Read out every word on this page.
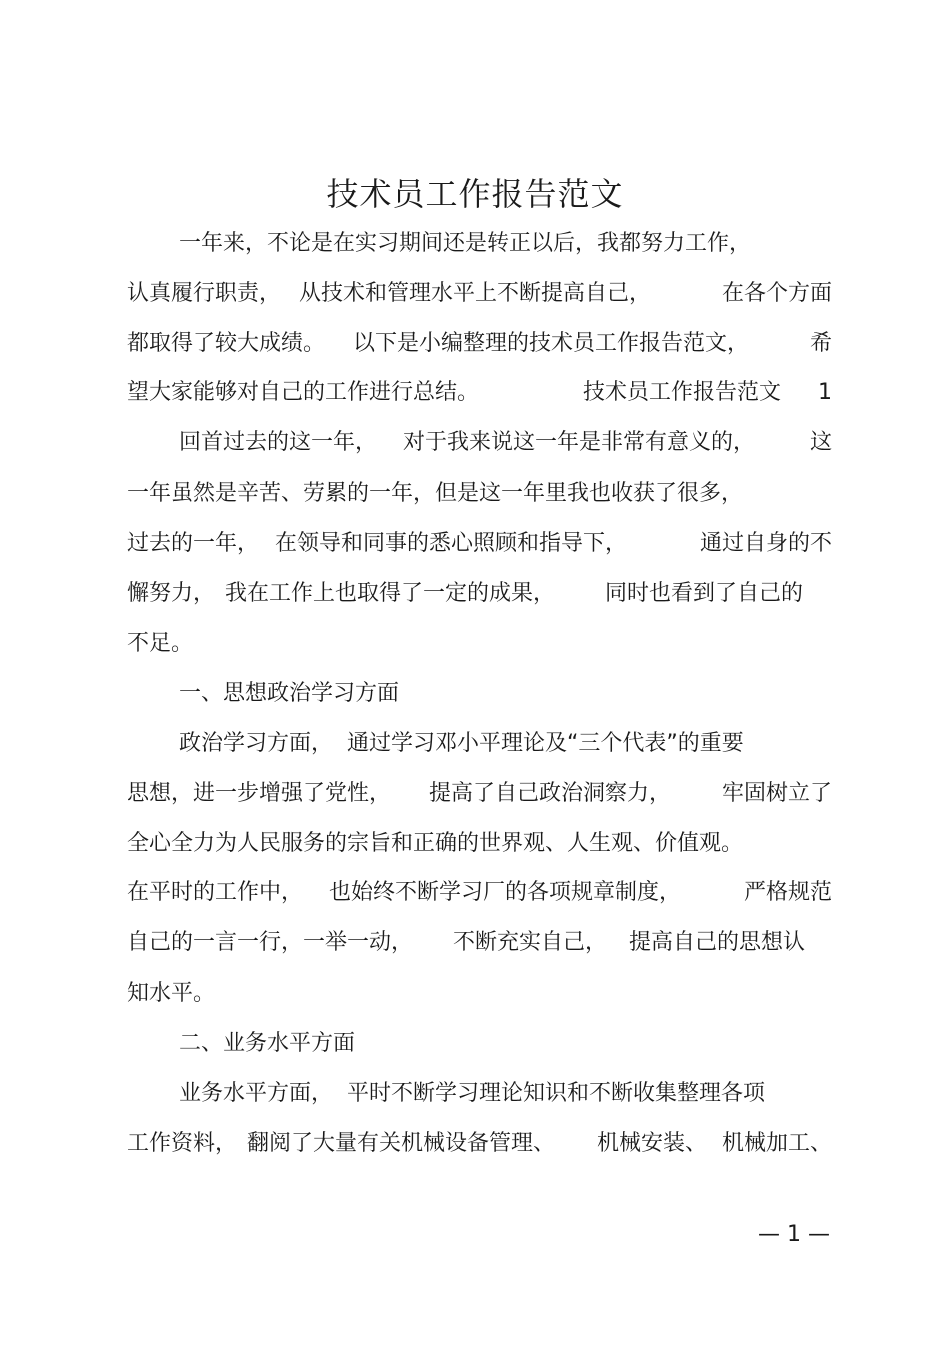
技术员工作报告范文
一年来，不论是在实习期间还是转正以后，我都努力工作，
认真履行职责， 从技术和管理水平上不断提高自己，	在各个方面
都取得了较大成绩。 以下是小编整理的技术员工作报告范文，	希
望大家能够对自己的工作进行总结。	技术员工作报告范文 1
回首过去的这一年， 对于我来说这一年是非常有意义的， 这
一年虽然是辛苦、劳累的一年，但是这一年里我也收获了很多，
过去的一年， 在领导和同事的悉心照顾和指导下，	通过自身的不
懈努力， 我在工作上也取得了一定的成果， 同时也看到了自己的
不足。
一、思想政治学习方面
政治学习方面， 通过学习邓小平理论及“三个代表”的重要
思想，进一步增强了党性， 提高了自己政治洞察力， 牢固树立了
全心全力为人民服务的宗旨和正确的世界观、人生观、价值观。
在平时的工作中， 也始终不断学习厂的各项规章制度，	严格规范
自己的一言一行，一举一动， 不断充实自己， 提高自己的思想认
知水平。
二、业务水平方面
业务水平方面， 平时不断学习理论知识和不断收集整理各项
工作资料， 翻阅了大量有关机械设备管理、 机械安装、 机械加工、
— 1 —
